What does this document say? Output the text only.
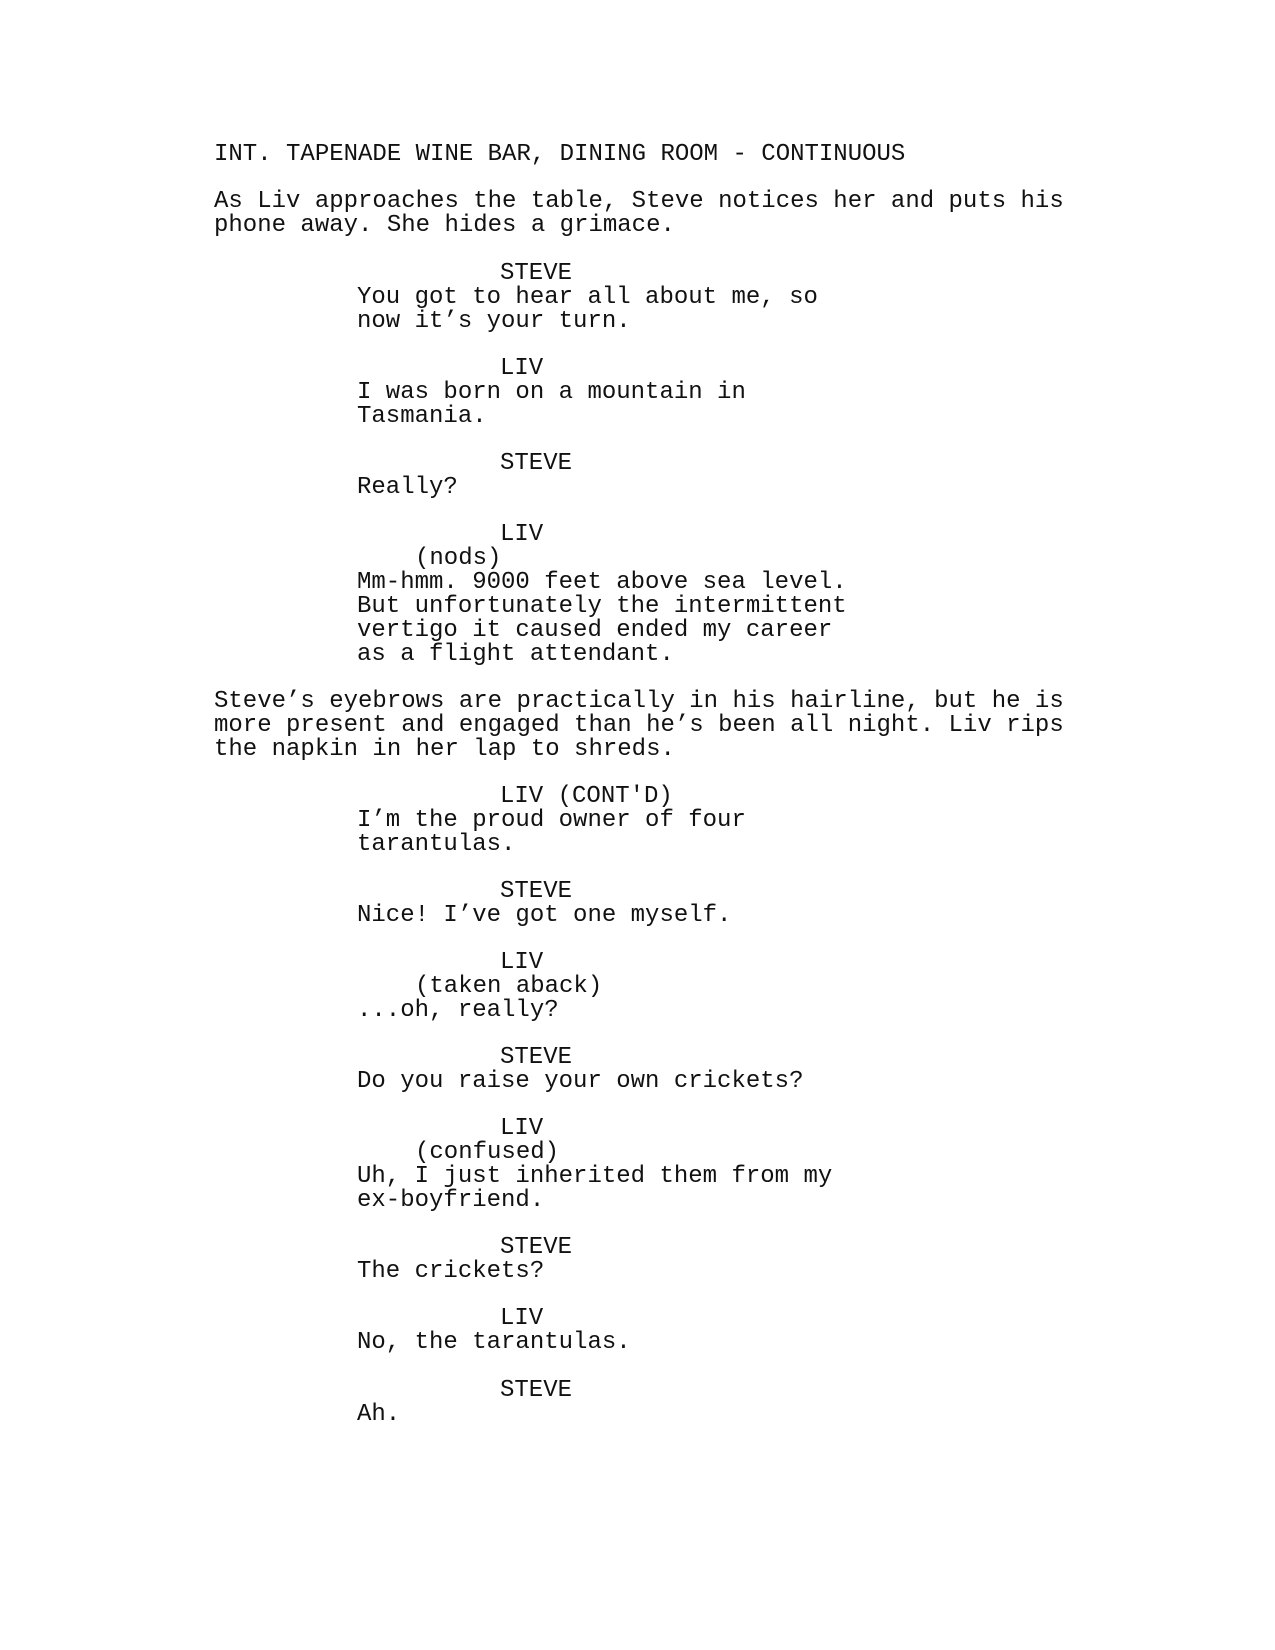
INT. TAPENADE WINE BAR, DINING ROOM - CONTINUOUS

As Liv approaches the table, Steve notices her and puts his

phone away. She hides a grimace.

STEVE

You got to hear all about me, so

now it’s your turn.

LIV

I was born on a mountain in

Tasmania.

STEVE

Really?

LIV

(nods)

Mm-hmm. 9000 feet above sea level.

But unfortunately the intermittent

vertigo it caused ended my career

as a flight attendant.

Steve’s eyebrows are practically in his hairline, but he is

more present and engaged than he’s been all night. Liv rips

the napkin in her lap to shreds.

LIV (CONT'D)

I’m the proud owner of four

tarantulas.

STEVE

Nice! I’ve got one myself.

LIV

(taken aback)

...oh, really?

STEVE

Do you raise your own crickets?

LIV

(confused)

Uh, I just inherited them from my

ex-boyfriend.

STEVE

The crickets?

LIV

No, the tarantulas.

STEVE

Ah.
